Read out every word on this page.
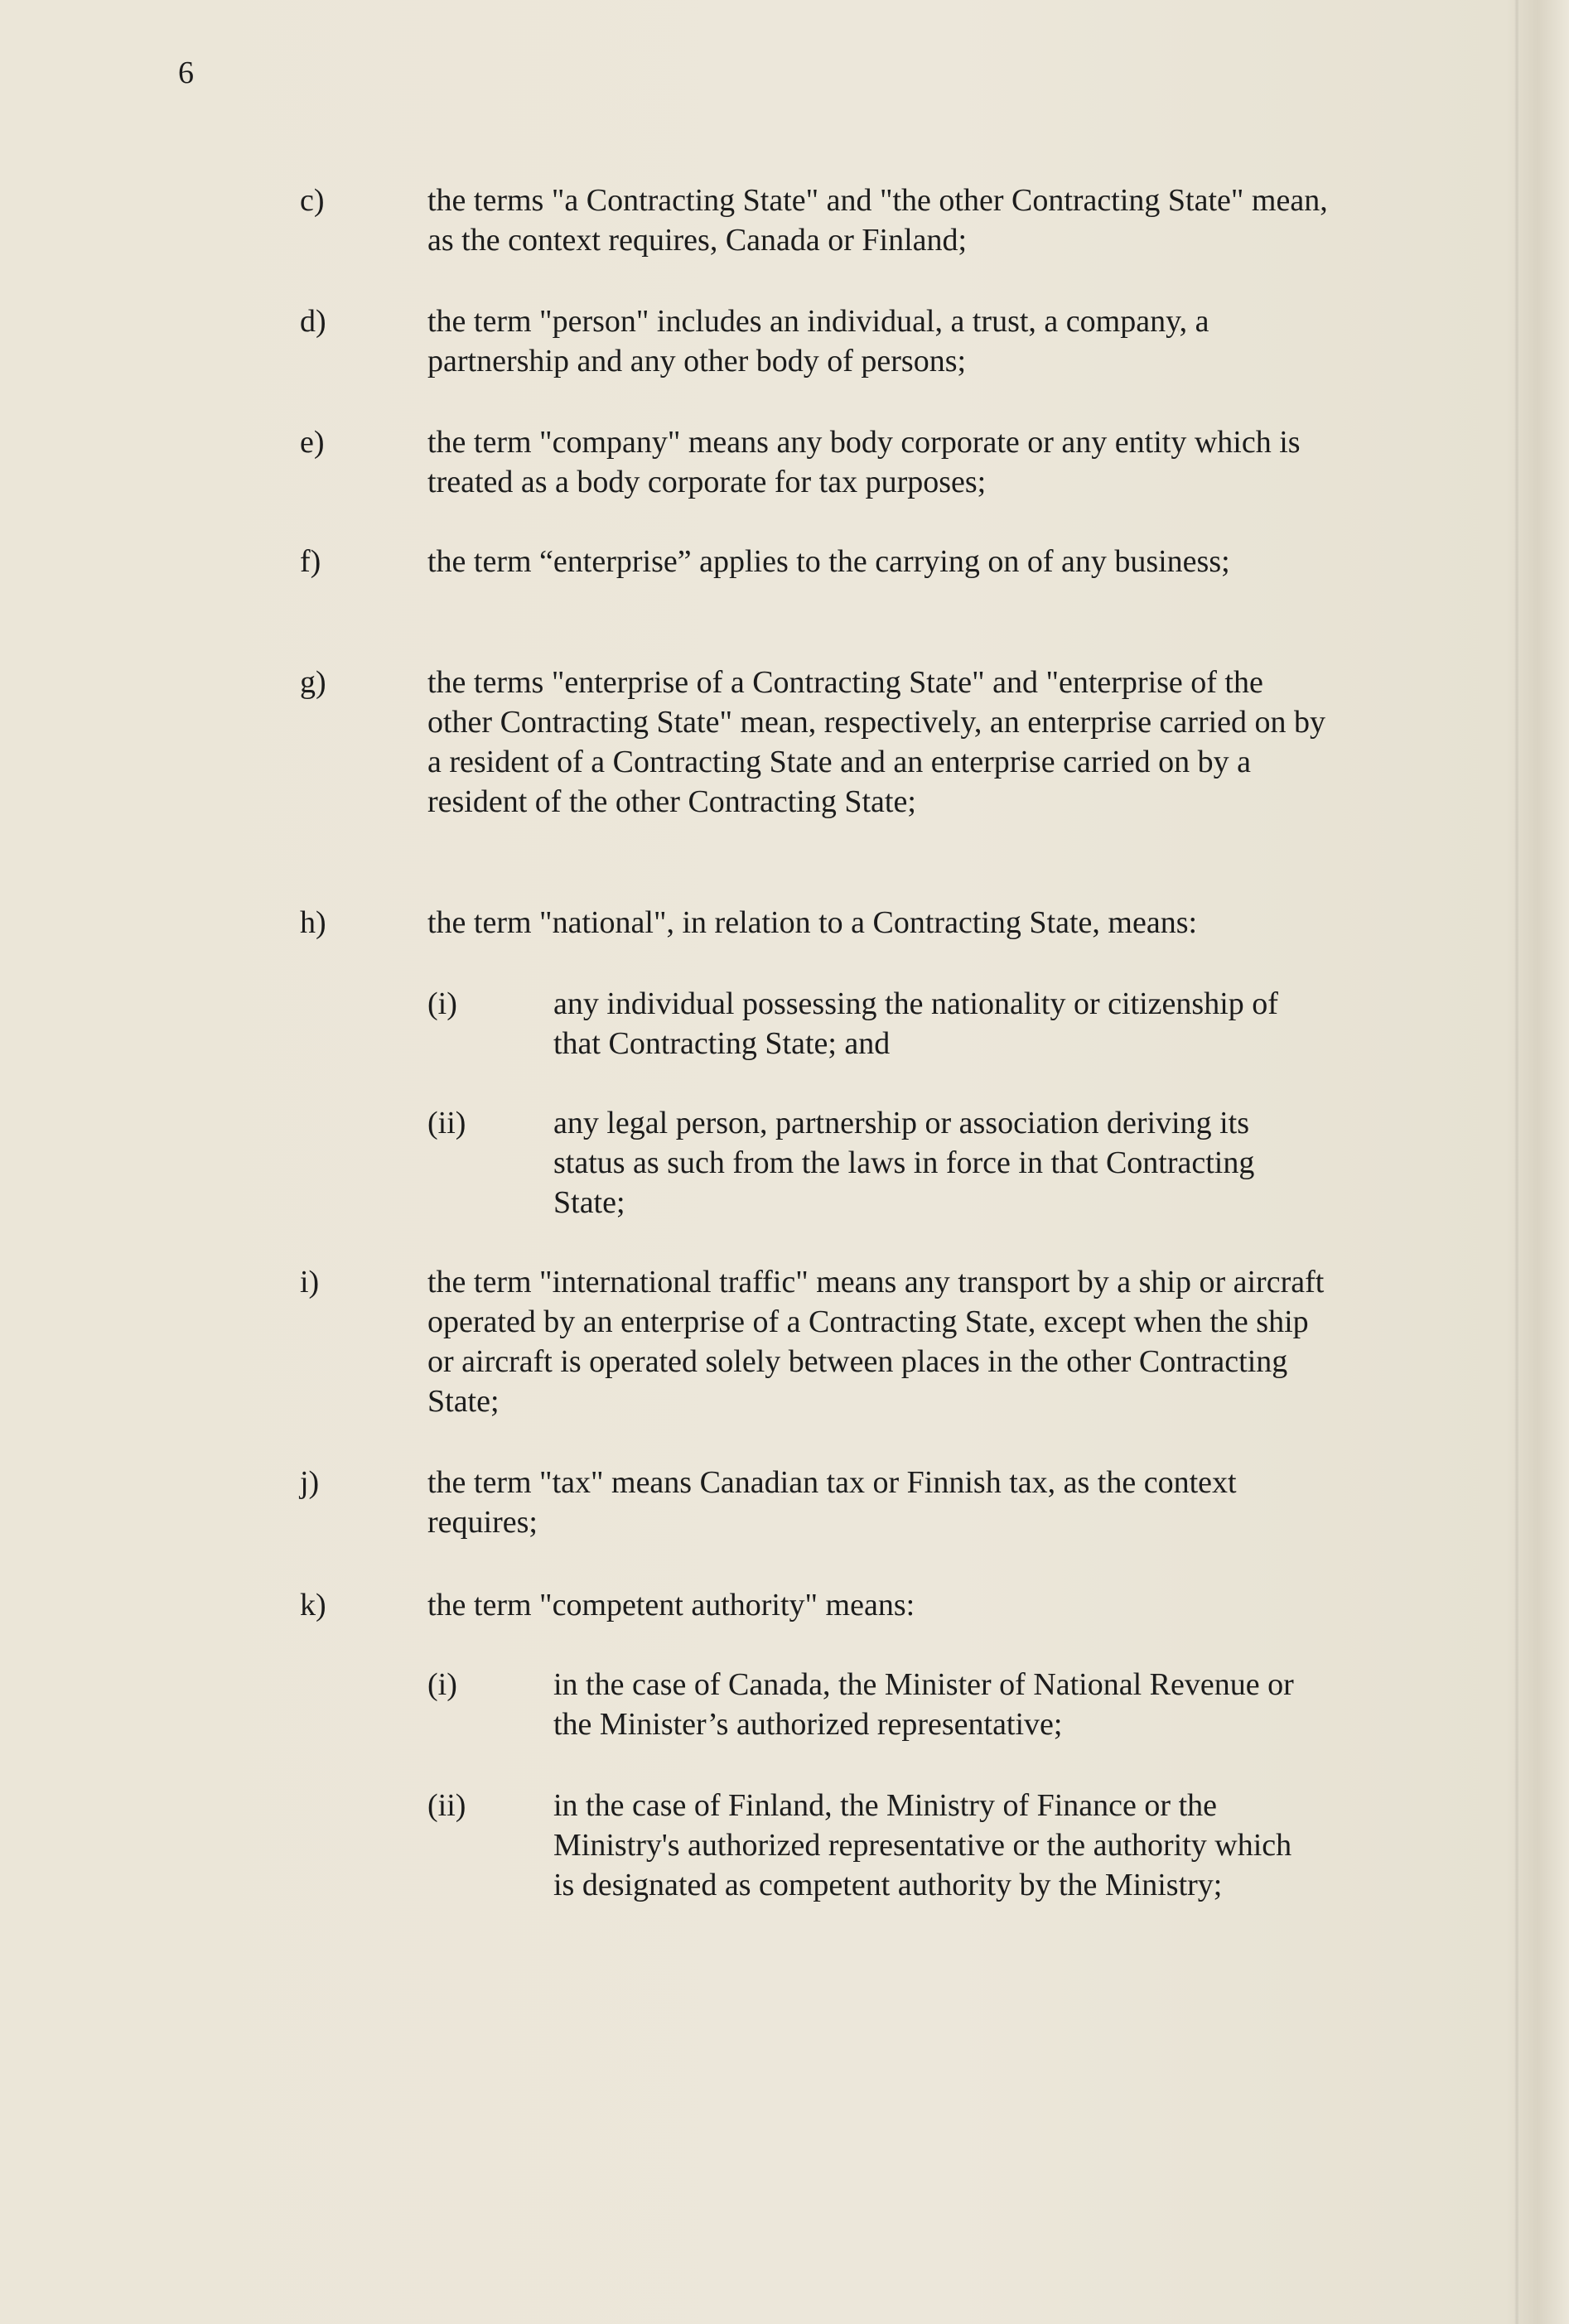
6
c)	the terms "a Contracting State" and "the other Contracting State" mean, as the context requires, Canada or Finland;
d)	the term "person" includes an individual, a trust, a company, a partnership and any other body of persons;
e)	the term "company" means any body corporate or any entity which is treated as a body corporate for tax purposes;
f)	the term “enterprise” applies to the carrying on of any business;
g)	the terms "enterprise of a Contracting State" and "enterprise of the other Contracting State" mean, respectively, an enterprise carried on by a resident of a Contracting State and an enterprise carried on by a resident of the other Contracting State;
h)	the term "national", in relation to a Contracting State, means:
(i)	any individual possessing the nationality or citizenship of that Contracting State; and
(ii)	any legal person, partnership or association deriving its status as such from the laws in force in that Contracting State;
i)	the term "international traffic" means any transport by a ship or aircraft operated by an enterprise of a Contracting State, except when the ship or aircraft is operated solely between places in the other Contracting State;
j)	the term "tax" means Canadian tax or Finnish tax, as the context requires;
k)	the term "competent authority" means:
(i)	in the case of Canada, the Minister of National Revenue or the Minister’s authorized representative;
(ii)	in the case of Finland, the Ministry of Finance or the Ministry's authorized representative or the authority which is designated as competent authority by the Ministry;
